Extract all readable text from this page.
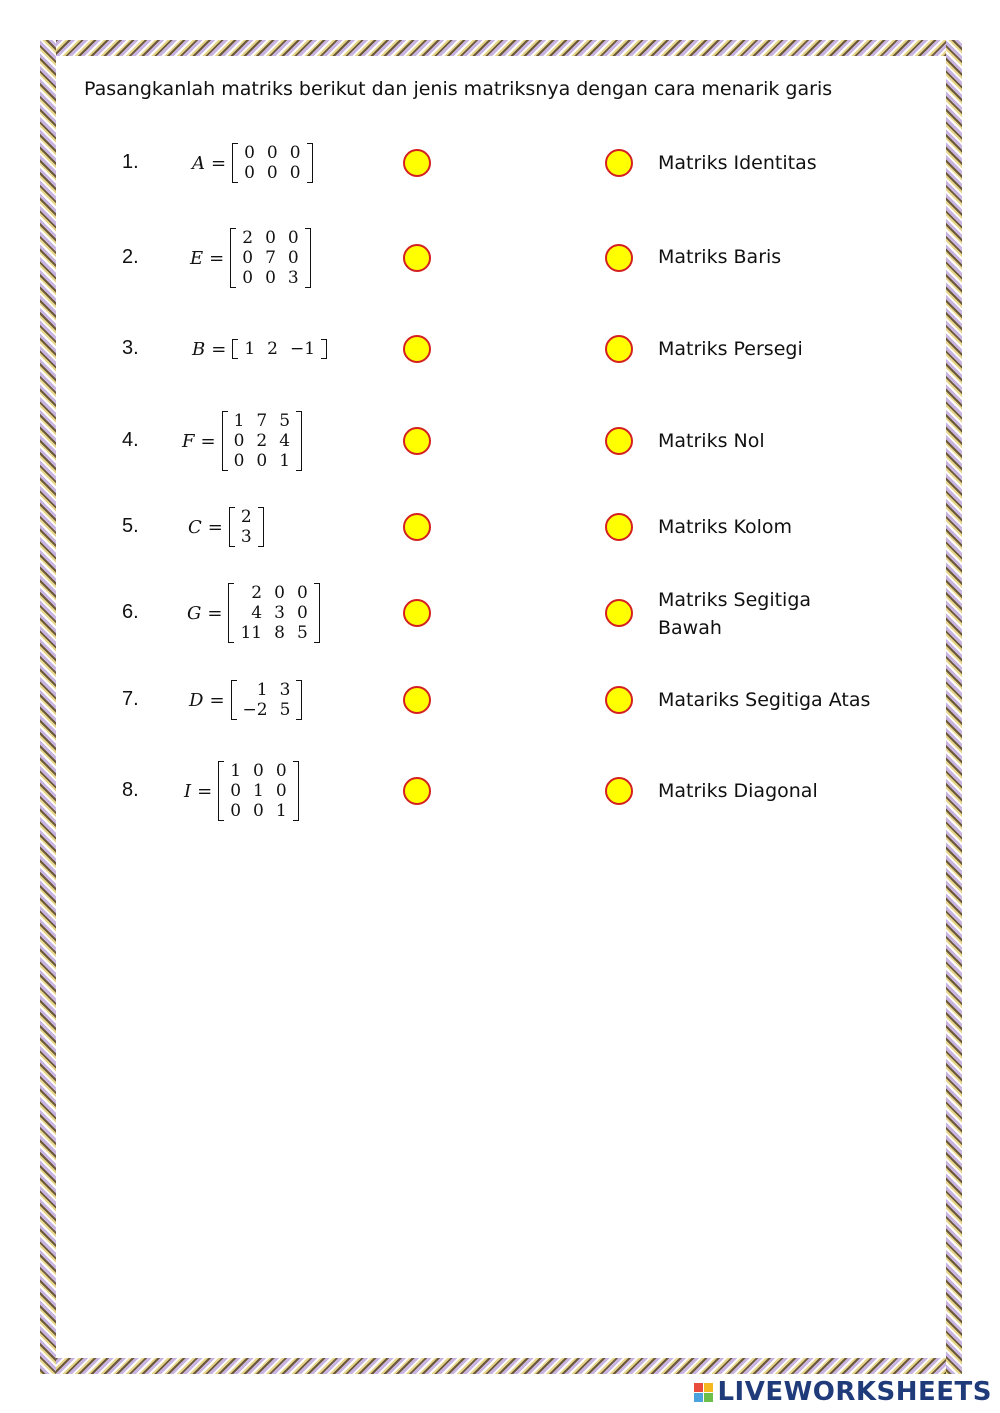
Pasangkanlah matriks berikut dan jenis matriksnya dengan cara menarik garis
1.	A = 0	0	0
0	0	0	Matriks Identitas
2.	E =
2	0	0
0	7	0
0	0	3
Matriks Baris
3.	B = 1	2	−1	Matriks Persegi
4. F =
1	7	5
0	2	4
0	0	1
Matriks Nol
5.	C = 2
3	Matriks Kolom
6.	G =
2	0	0
4	3	0
11	8	5
Matriks Segitiga Bawah
7.	D = 1	3
−2	5	Matariks Segitiga Atas
8.	I =
1	0	0
0	1	0
0	0	1
Matriks Diagonal
LIVEWORKSHEETS
